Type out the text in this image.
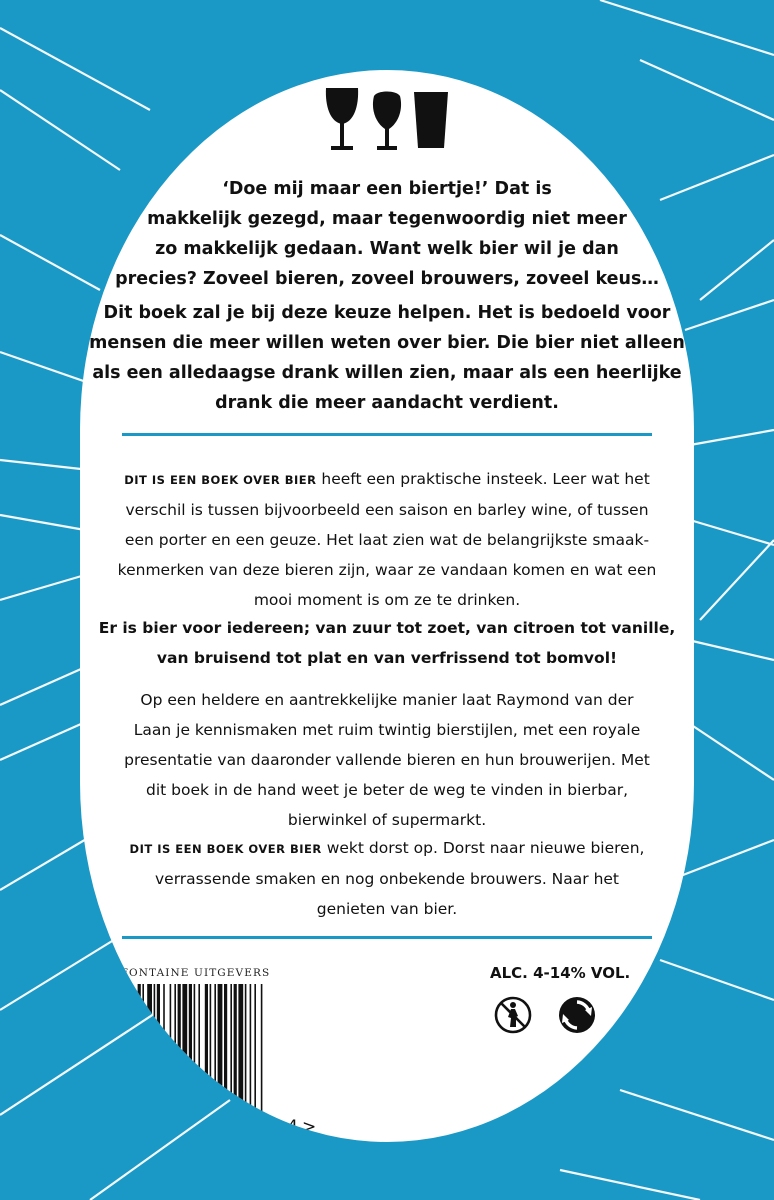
‘Doe mij maar een biertje!’ Dat is
makkelijk gezegd, maar tegenwoordig niet meer
zo makkelijk gedaan. Want welk bier wil je dan
precies? Zoveel bieren, zoveel brouwers, zoveel keus…
Dit boek zal je bij deze keuze helpen. Het is bedoeld voor
mensen die meer willen weten over bier. Die bier niet alleen
als een alledaagse drank willen zien, maar als een heerlijke
drank die meer aandacht verdient.
DIT IS EEN BOEK OVER BIER heeft een praktische insteek. Leer wat het
verschil is tussen bijvoorbeeld een saison en barley wine, of tussen
een porter en een geuze. Het laat zien wat de belangrijkste smaak-
kenmerken van deze bieren zijn, waar ze vandaan komen en wat een
mooi moment is om ze te drinken.
Er is bier voor iedereen; van zuur tot zoet, van citroen tot vanille,
van bruisend tot plat en van verfrissend tot bomvol!
Op een heldere en aantrekkelijke manier laat Raymond van der
Laan je kennismaken met ruim twintig bierstijlen, met een royale
presentatie van daaronder vallende bieren en hun brouwerijen. Met
dit boek in de hand weet je beter de weg te vinden in bierbar,
bierwinkel of supermarkt.
DIT IS EEN BOEK OVER BIER wekt dorst op. Dorst naar nieuwe bieren,
verrassende smaken en nog onbekende brouwers. Naar het
genieten van bier.
FONTAINE UITGEVERS
9 789059 567344 >
ALC. 4-14% VOL.
